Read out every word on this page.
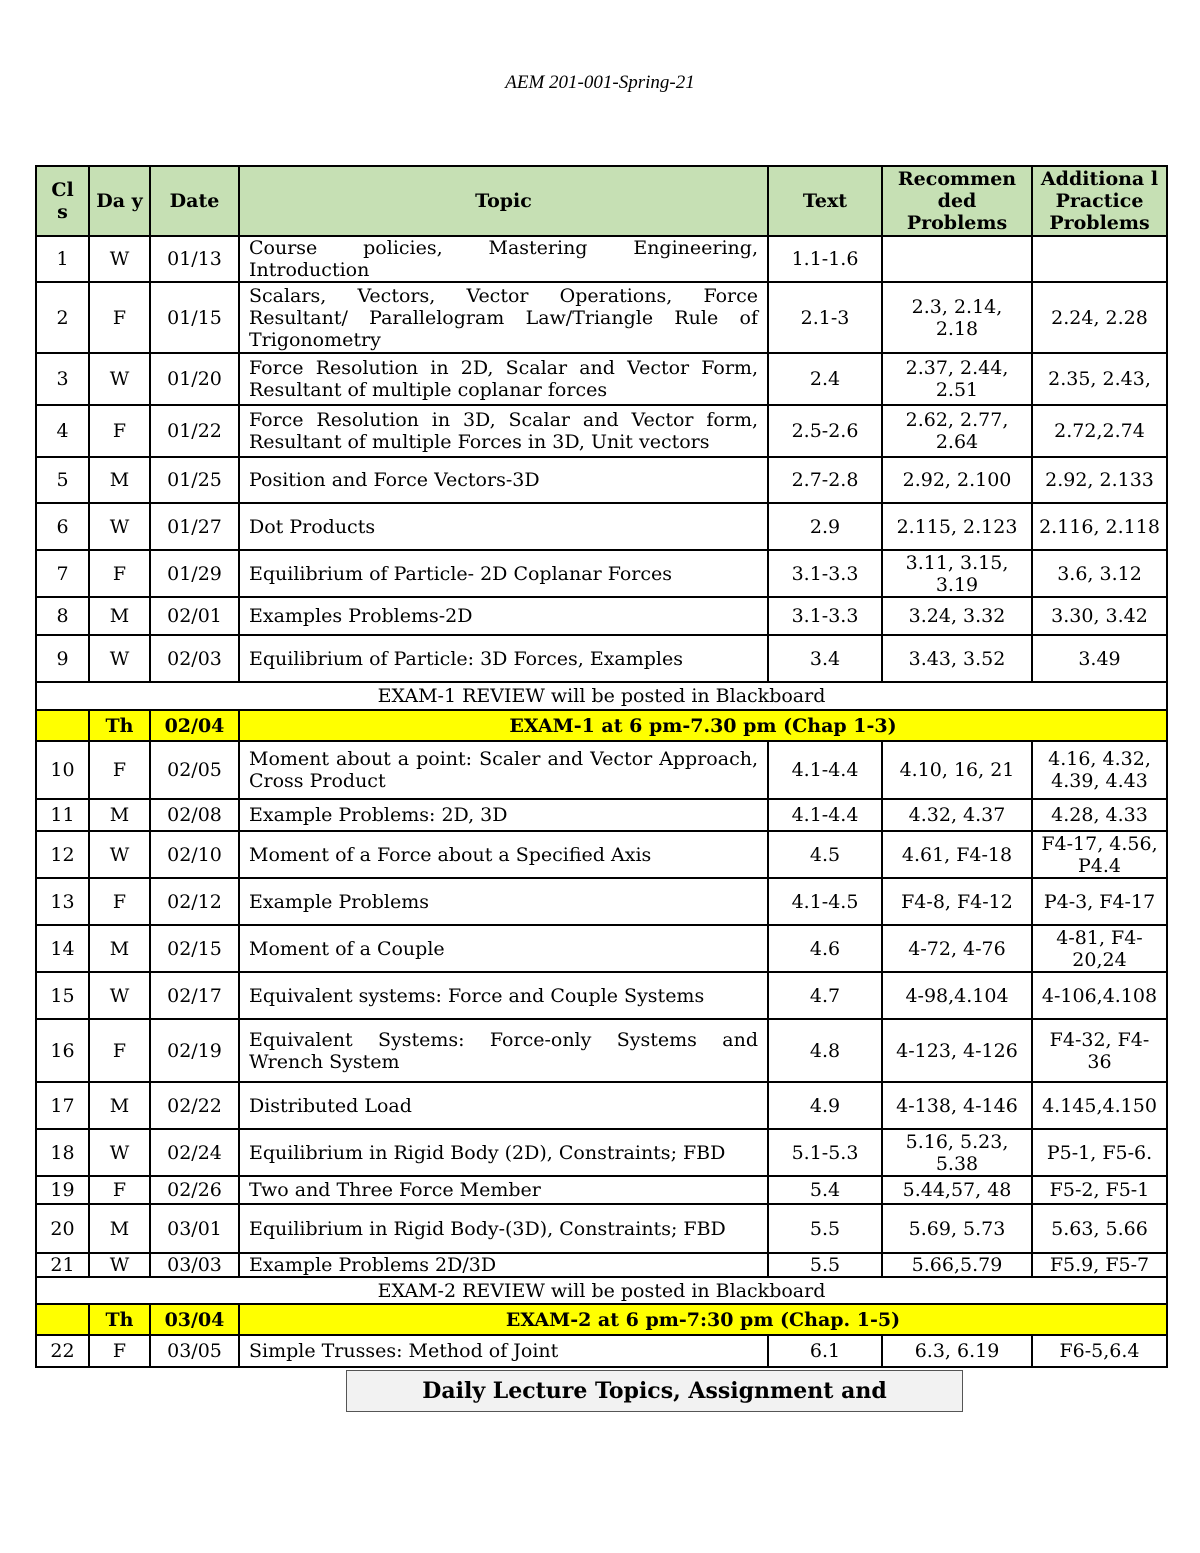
AEM 201-001-Spring-21
Cl s	Da y	Date	Topic	Text	Recommen ded Problems	Additiona l Practice Problems
1	W	01/13	Course policies, Mastering Engineering, Introduction	1.1-1.6		
2	F	01/15	Scalars, Vectors, Vector Operations, Force Resultant/ Parallelogram Law/Triangle Rule of Trigonometry	2.1-3	2.3, 2.14, 2.18	2.24, 2.28
3	W	01/20	Force Resolution in 2D, Scalar and Vector Form, Resultant of multiple coplanar forces	2.4	2.37, 2.44, 2.51	2.35, 2.43,
4	F	01/22	Force Resolution in 3D, Scalar and Vector form, Resultant of multiple Forces in 3D, Unit vectors	2.5-2.6	2.62, 2.77, 2.64	2.72,2.74
5	M	01/25	Position and Force Vectors-3D	2.7-2.8	2.92, 2.100	2.92, 2.133
6	W	01/27	Dot Products	2.9	2.115, 2.123	2.116, 2.118
7	F	01/29	Equilibrium of Particle- 2D Coplanar Forces	3.1-3.3	3.11, 3.15, 3.19	3.6, 3.12
8	M	02/01	Examples Problems-2D	3.1-3.3	3.24, 3.32	3.30, 3.42
9	W	02/03	Equilibrium of Particle: 3D Forces, Examples	3.4	3.43, 3.52	3.49
EXAM-1 REVIEW will be posted in Blackboard						
	Th	02/04	EXAM-1 at 6 pm-7.30 pm (Chap 1-3)			
10	F	02/05	Moment about a point: Scaler and Vector Approach, Cross Product	4.1-4.4	4.10, 16, 21	4.16, 4.32, 4.39, 4.43
11	M	02/08	Example Problems: 2D, 3D	4.1-4.4	4.32, 4.37	4.28, 4.33
12	W	02/10	Moment of a Force about a Specified Axis	4.5	4.61, F4-18	F4-17, 4.56, P4.4
13	F	02/12	Example Problems	4.1-4.5	F4-8, F4-12	P4-3, F4-17
14	M	02/15	Moment of a Couple	4.6	4-72, 4-76	4-81, F4-20,24
15	W	02/17	Equivalent systems: Force and Couple Systems	4.7	4-98,4.104	4-106,4.108
16	F	02/19	Equivalent Systems: Force-only Systems and Wrench System	4.8	4-123, 4-126	F4-32, F4-36
17	M	02/22	Distributed Load	4.9	4-138, 4-146	4.145,4.150
18	W	02/24	Equilibrium in Rigid Body (2D), Constraints; FBD	5.1-5.3	5.16, 5.23, 5.38	P5-1, F5-6.
19	F	02/26	Two and Three Force Member	5.4	5.44,57, 48	F5-2, F5-1
20	M	03/01	Equilibrium in Rigid Body-(3D), Constraints; FBD	5.5	5.69, 5.73	5.63, 5.66
21	W	03/03	Example Problems 2D/3D	5.5	5.66,5.79	F5.9, F5-7
EXAM-2 REVIEW will be posted in Blackboard						
	Th	03/04	EXAM-2 at 6 pm-7:30 pm (Chap. 1-5)			
22	F	03/05	Simple Trusses: Method of Joint	6.1	6.3, 6.19	F6-5,6.4
Daily Lecture Topics, Assignment and
